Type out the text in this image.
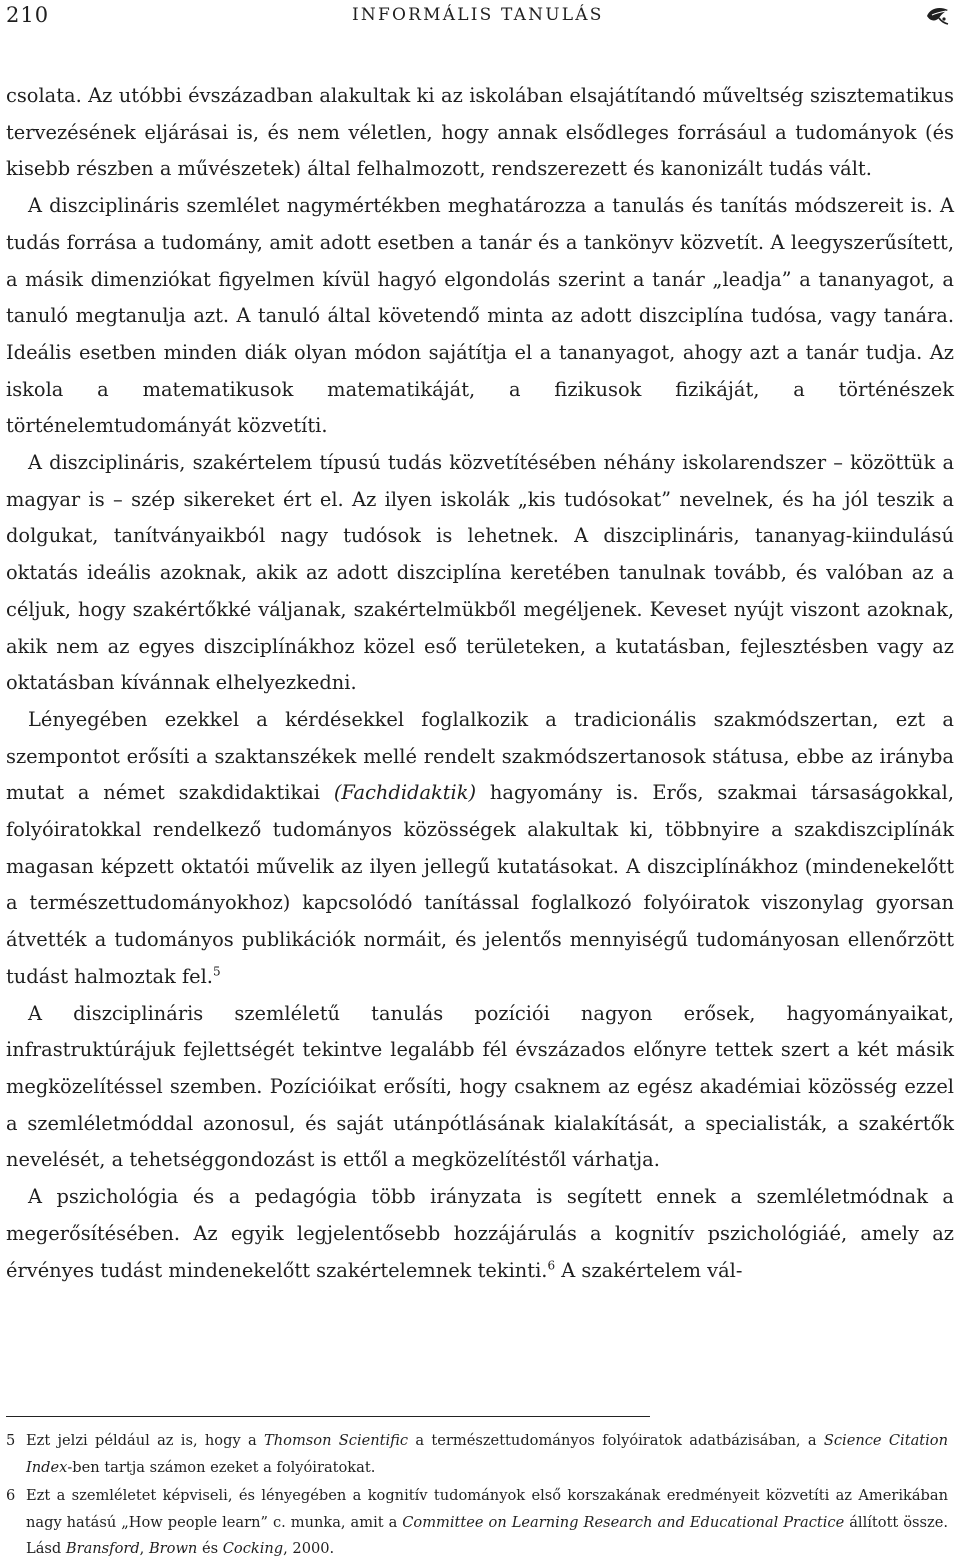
210	INFORMÁLIS TANULÁS

csolata. Az utóbbi évszázadban alakultak ki az iskolában elsajátítandó műveltség szisztematikus tervezésének eljárásai is, és nem véletlen, hogy annak elsődleges forrásául a tudományok (és kisebb részben a művészetek) által felhalmozott, rendszerezett és kanonizált tudás vált.

A diszciplináris szemlélet nagymértékben meghatározza a tanulás és tanítás módszereit is. A tudás forrása a tudomány, amit adott esetben a tanár és a tankönyv közvetít. A leegyszerűsített, a másik dimenziókat figyelmen kívül hagyó elgondolás szerint a tanár „leadja” a tananyagot, a tanuló megtanulja azt. A tanuló által követendő minta az adott diszciplína tudósa, vagy tanára. Ideális esetben minden diák olyan módon sajátítja el a tananyagot, ahogy azt a tanár tudja. Az iskola a matematikusok matematikáját, a fizikusok fizikáját, a történészek történelemtudományát közvetíti.

A diszciplináris, szakértelem típusú tudás közvetítésében néhány iskolarendszer – közöttük a magyar is – szép sikereket ért el. Az ilyen iskolák „kis tudósokat” nevelnek, és ha jól teszik a dolgukat, tanítványaikból nagy tudósok is lehetnek. A diszciplináris, tananyag-kiindulású oktatás ideális azoknak, akik az adott diszciplína keretében tanulnak tovább, és valóban az a céljuk, hogy szakértőkké váljanak, szakértelmükből megéljenek. Keveset nyújt viszont azoknak, akik nem az egyes diszciplínákhoz közel eső területeken, a kutatásban, fejlesztésben vagy az oktatásban kívánnak elhelyezkedni.

Lényegében ezekkel a kérdésekkel foglalkozik a tradicionális szakmódszertan, ezt a szempontot erősíti a szaktanszékek mellé rendelt szakmódszertanosok státusa, ebbe az irányba mutat a német szakdidaktikai (Fachdidaktik) hagyomány is. Erős, szakmai társaságokkal, folyóiratokkal rendelkező tudományos közösségek alakultak ki, többnyire a szakdiszciplínák magasan képzett oktatói művelik az ilyen jellegű kutatásokat. A diszciplínákhoz (mindenekelőtt a természettudományokhoz) kapcsolódó tanítással foglalkozó folyóiratok viszonylag gyorsan átvették a tudományos publikációk normáit, és jelentős mennyiségű tudományosan ellenőrzött tudást halmoztak fel.$^5$

A diszciplináris szemléletű tanulás pozíciói nagyon erősek, hagyományaikat, infrastruktúrájuk fejlettségét tekintve legalább fél évszázados előnyre tettek szert a két másik megközelítéssel szemben. Pozícióikat erősíti, hogy csaknem az egész akadémiai közösség ezzel a szemléletmóddal azonosul, és saját utánpótlásának kialakítását, a specialisták, a szakértők nevelését, a tehetséggondozást is ettől a megközelítéstől várhatja.

A pszichológia és a pedagógia több irányzata is segített ennek a szemléletmódnak a megerősítésében. Az egyik legjelentősebb hozzájárulás a kognitív pszichológiáé, amely az érvényes tudást mindenekelőtt szakértelemnek tekinti.$^6$ A szakértelem vál-

5 Ezt jelzi például az is, hogy a Thomson Scientific a természettudományos folyóiratok adatbázisában, a Science Citation Index-ben tartja számon ezeket a folyóiratokat.

6 Ezt a szemléletet képviseli, és lényegében a kognitív tudományok első korszakának eredményeit közvetíti az Amerikában nagy hatású „How people learn” c. munka, amit a Committee on Learning Research and Educational Practice állított össze. Lásd Bransford, Brown és Cocking, 2000.
